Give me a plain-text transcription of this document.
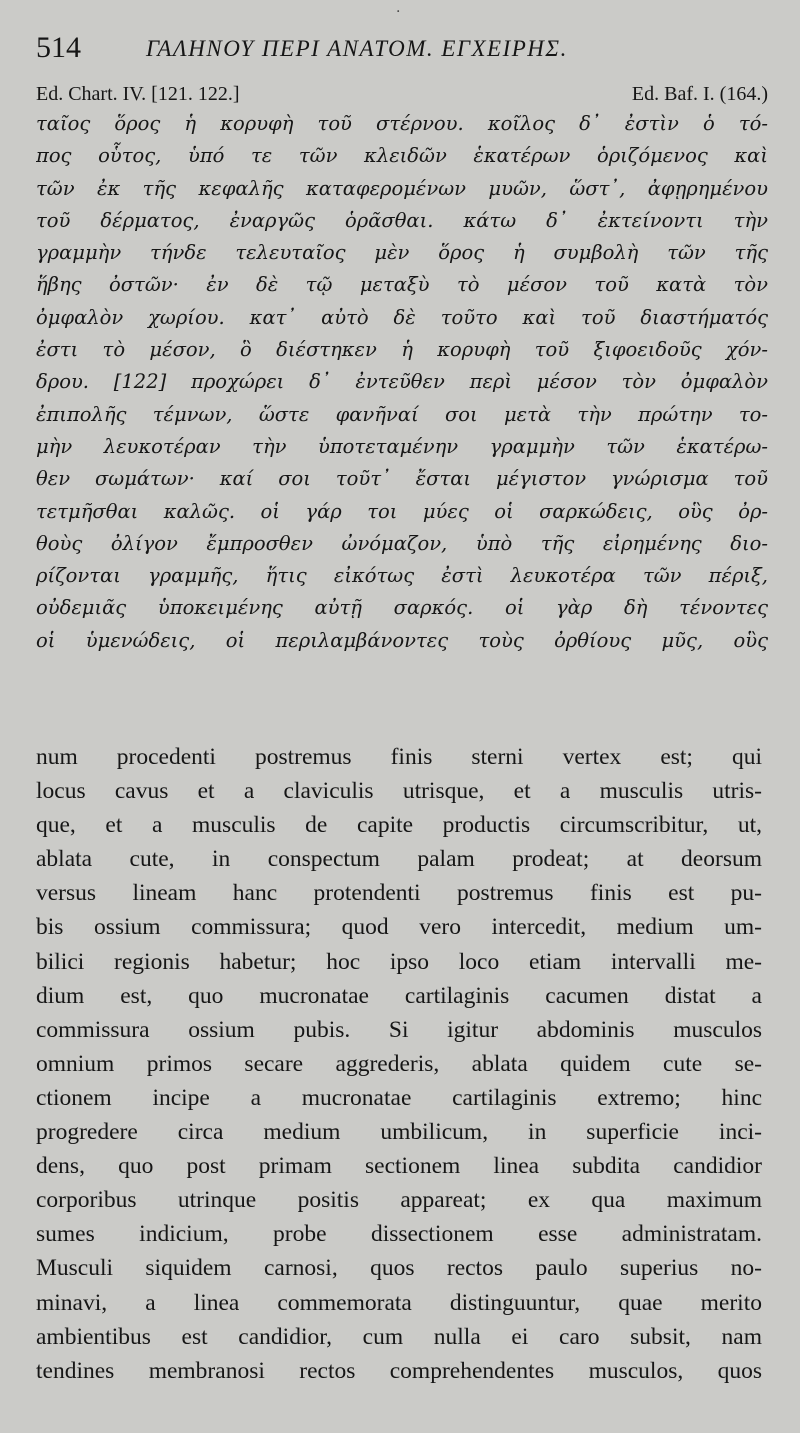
·
514	ΓΑΛΗΝΟΥ ΠΕΡΙ ΑΝΑΤΟΜ. ΕΓΧΕΙΡΗΣ.
Ed. Chart. IV. [121. 122.]	Ed. Baf. I. (164.)
ταῖος ὅρος ἡ κορυφὴ τοῦ στέρνου. κοῖλος δ᾽ ἐστὶν ὁ τό-
πος οὗτος, ὑπό τε τῶν κλειδῶν ἑκατέρων ὁριζόμενος καὶ
τῶν ἐκ τῆς κεφαλῆς καταφερομένων μυῶν, ὥστ᾽, ἀφῃρημένου
τοῦ δέρματος, ἐναργῶς ὁρᾶσθαι. κάτω δ᾽ ἐκτείνοντι τὴν
γραμμὴν τήνδε τελευταῖος μὲν ὅρος ἡ συμβολὴ τῶν τῆς
ἥβης ὀστῶν· ἐν δὲ τῷ μεταξὺ τὸ μέσον τοῦ κατὰ τὸν
ὀμφαλὸν χωρίου. κατ᾽ αὐτὸ δὲ τοῦτο καὶ τοῦ διαστήματός
ἐστι τὸ μέσον, ὃ διέστηκεν ἡ κορυφὴ τοῦ ξιφοειδοῦς χόν-
δρου. [122] προχώρει δ᾽ ἐντεῦθεν περὶ μέσον τὸν ὀμφαλὸν
ἐπιπολῆς τέμνων, ὥστε φανῆναί σοι μετὰ τὴν πρώτην το-
μὴν λευκοτέραν τὴν ὑποτεταμένην γραμμὴν τῶν ἑκατέρω-
θεν σωμάτων· καί σοι τοῦτ᾽ ἔσται μέγιστον γνώρισμα τοῦ
τετμῆσθαι καλῶς. οἱ γάρ τοι μύες οἱ σαρκώδεις, οὓς ὀρ-
θοὺς ὀλίγον ἔμπροσθεν ὠνόμαζον, ὑπὸ τῆς εἰρημένης διο-
ρίζονται γραμμῆς, ἥτις εἰκότως ἐστὶ λευκοτέρα τῶν πέριξ,
οὐδεμιᾶς ὑποκειμένης αὐτῇ σαρκός. οἱ γὰρ δὴ τένοντες
οἱ ὑμενώδεις, οἱ περιλαμβάνοντες τοὺς ὀρθίους μῦς, οὓς
num procedenti postremus finis sterni vertex est; qui
locus cavus et a claviculis utrisque, et a musculis utris-
que, et a musculis de capite productis circumscribitur, ut,
ablata cute, in conspectum palam prodeat; at deorsum
versus lineam hanc protendenti postremus finis est pu-
bis ossium commissura; quod vero intercedit, medium um-
bilici regionis habetur; hoc ipso loco etiam intervalli me-
dium est, quo mucronatae cartilaginis cacumen distat a
commissura ossium pubis. Si igitur abdominis musculos
omnium primos secare aggrederis, ablata quidem cute se-
ctionem incipe a mucronatae cartilaginis extremo; hinc
progredere circa medium umbilicum, in superficie inci-
dens, quo post primam sectionem linea subdita candidior
corporibus utrinque positis appareat; ex qua maximum
sumes indicium, probe dissectionem esse administratam.
Musculi siquidem carnosi, quos rectos paulo superius no-
minavi, a linea commemorata distinguuntur, quae merito
ambientibus est candidior, cum nulla ei caro subsit, nam
tendines membranosi rectos comprehendentes musculos, quos
